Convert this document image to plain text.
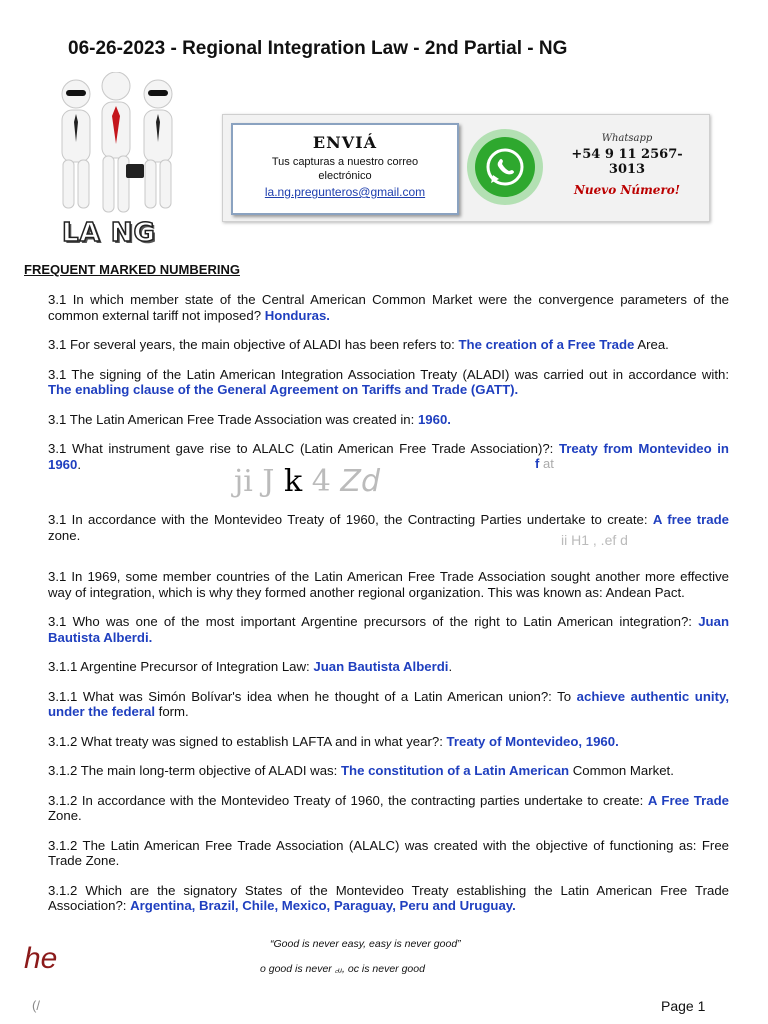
06-26-2023 - Regional Integration Law - 2nd Partial - NG
LA NG
ENVIÁ
Tus capturas a nuestro correo electrónico
la.ng.pregunteros@gmail.com
Whatsapp
+54 9 11 2567-3013
Nuevo Número!
FREQUENT MARKED NUMBERING

3.1 In which member state of the Central American Common Market were the convergence parameters of the common external tariff not imposed? Honduras.

3.1 For several years, the main objective of ALADI has been refers to: The creation of a Free Trade Area.

3.1 The signing of the Latin American Integration Association Treaty (ALADI) was carried out in accordance with: The enabling clause of the General Agreement on Tariffs and Trade (GATT).

3.1 The Latin American Free Trade Association was created in: 1960.

3.1 What instrument gave rise to ALALC (Latin American Free Trade Association)?: Treaty from Montevideo in 1960.

3.1 In accordance with the Montevideo Treaty of 1960, the Contracting Parties undertake to create: A free trade zone.

3.1 In 1969, some member countries of the Latin American Free Trade Association sought another more effective way of integration, which is why they formed another regional organization. This was known as: Andean Pact.

3.1 Who was one of the most important Argentine precursors of the right to Latin American integration?: Juan Bautista Alberdi.

3.1.1 Argentine Precursor of Integration Law: Juan Bautista Alberdi.

3.1.1 What was Simón Bolívar's idea when he thought of a Latin American union?: To achieve authentic unity, under the federal form.

3.1.2 What treaty was signed to establish LAFTA and in what year?: Treaty of Montevideo, 1960.

3.1.2 The main long-term objective of ALADI was: The constitution of a Latin American Common Market.

3.1.2 In accordance with the Montevideo Treaty of 1960, the contracting parties undertake to create: A Free Trade Zone.

3.1.2 The Latin American Free Trade Association (ALALC) was created with the objective of functioning as: Free Trade Zone.

3.1.2 Which are the signatory States of the Montevideo Treaty establishing the Latin American Free Trade Association?: Argentina, Brazil, Chile, Mexico, Paraguay, Peru and Uruguay.

ji J k 4 Zd
f at
ii H1 , .ef d
“Good is never easy, easy is never good”
o good is never ꜀ᵤ, oc is never good
he
(/	Page 1
